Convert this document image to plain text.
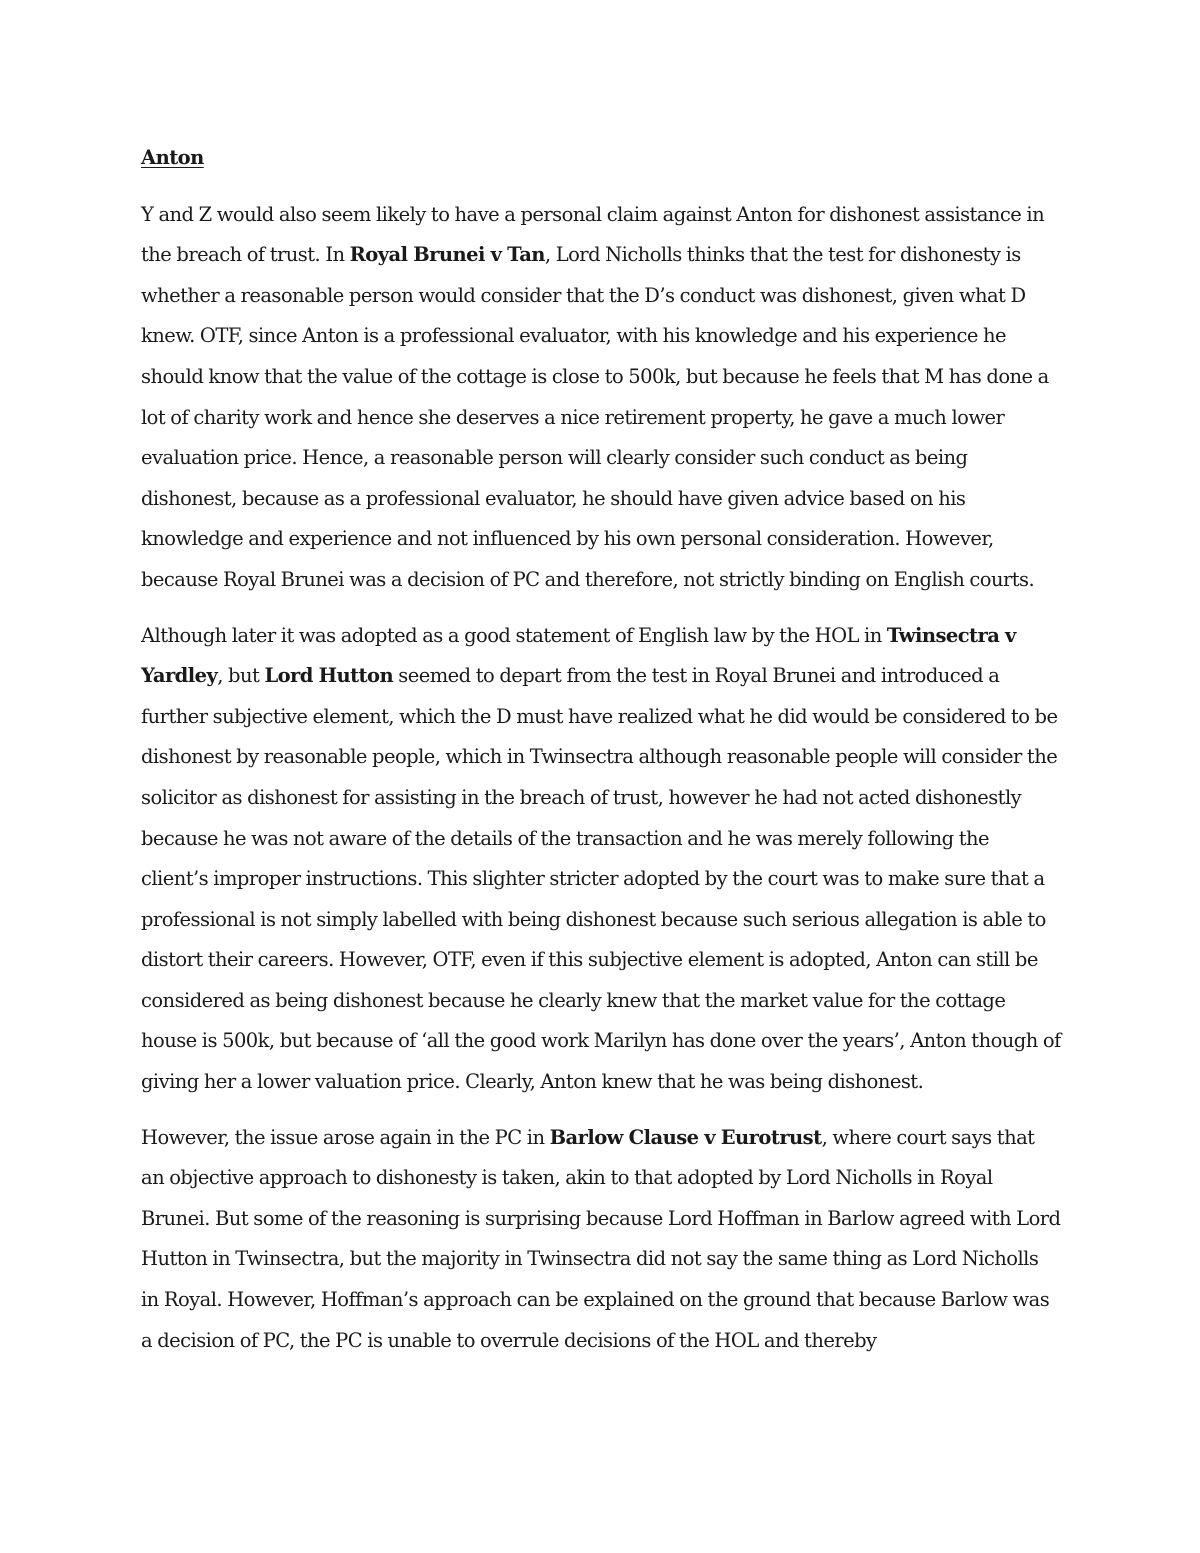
Anton

Y and Z would also seem likely to have a personal claim against Anton for dishonest assistance in the breach of trust. In Royal Brunei v Tan, Lord Nicholls thinks that the test for dishonesty is whether a reasonable person would consider that the D’s conduct was dishonest, given what D knew. OTF, since Anton is a professional evaluator, with his knowledge and his experience he should know that the value of the cottage is close to 500k, but because he feels that M has done a lot of charity work and hence she deserves a nice retirement property, he gave a much lower evaluation price. Hence, a reasonable person will clearly consider such conduct as being dishonest, because as a professional evaluator, he should have given advice based on his knowledge and experience and not influenced by his own personal consideration. However, because Royal Brunei was a decision of PC and therefore, not strictly binding on English courts.

Although later it was adopted as a good statement of English law by the HOL in Twinsectra v Yardley, but Lord Hutton seemed to depart from the test in Royal Brunei and introduced a further subjective element, which the D must have realized what he did would be considered to be dishonest by reasonable people, which in Twinsectra although reasonable people will consider the solicitor as dishonest for assisting in the breach of trust, however he had not acted dishonestly because he was not aware of the details of the transaction and he was merely following the client’s improper instructions. This slighter stricter adopted by the court was to make sure that a professional is not simply labelled with being dishonest because such serious allegation is able to distort their careers. However, OTF, even if this subjective element is adopted, Anton can still be considered as being dishonest because he clearly knew that the market value for the cottage house is 500k, but because of ‘all the good work Marilyn has done over the years’, Anton though of giving her a lower valuation price. Clearly, Anton knew that he was being dishonest.

However, the issue arose again in the PC in Barlow Clause v Eurotrust, where court says that an objective approach to dishonesty is taken, akin to that adopted by Lord Nicholls in Royal Brunei. But some of the reasoning is surprising because Lord Hoffman in Barlow agreed with Lord Hutton in Twinsectra, but the majority in Twinsectra did not say the same thing as Lord Nicholls in Royal. However, Hoffman’s approach can be explained on the ground that because Barlow was a decision of PC, the PC is unable to overrule decisions of the HOL and thereby
